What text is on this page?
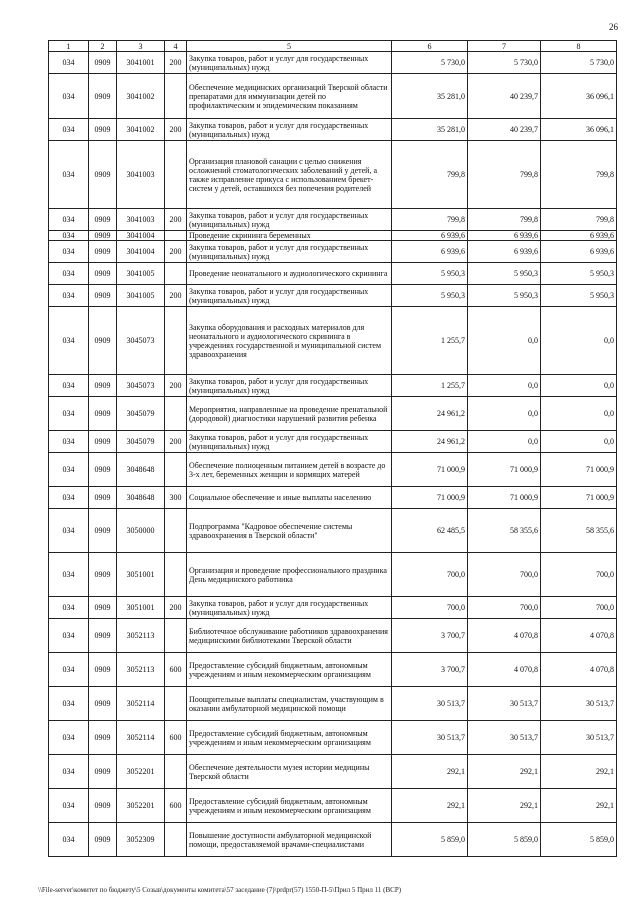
26
1	2	3	4	5	6	7	8
034	0909	3041001	200	Закупка товаров, работ и услуг для государственных (муниципальных) нужд	5 730,0	5 730,0	5 730,0
034	0909	3041002		Обеспечение медицинских организаций Тверской области препаратами для иммунизации детей по профилактическим и эпидемическим показаниям	35 281,0	40 239,7	36 096,1
034	0909	3041002	200	Закупка товаров, работ и услуг для государственных (муниципальных) нужд	35 281,0	40 239,7	36 096,1
034	0909	3041003		Организация плановой санации с целью снижения осложнений стоматологических заболеваний у детей, а также исправление прикуса с использованием брекет-систем у детей, оставшихся без попечения родителей	799,8	799,8	799,8
034	0909	3041003	200	Закупка товаров, работ и услуг для государственных (муниципальных) нужд	799,8	799,8	799,8
034	0909	3041004		Проведение скрининга беременных	6 939,6	6 939,6	6 939,6
034	0909	3041004	200	Закупка товаров, работ и услуг для государственных (муниципальных) нужд	6 939,6	6 939,6	6 939,6
034	0909	3041005		Проведение неонатального и аудиологического скрининга	5 950,3	5 950,3	5 950,3
034	0909	3041005	200	Закупка товаров, работ и услуг для государственных (муниципальных) нужд	5 950,3	5 950,3	5 950,3
034	0909	3045073		Закупка оборудования и расходных материалов для неонатального и аудиологического скрининга в учреждениях государственной и муниципальной систем здравоохранения	1 255,7	0,0	0,0
034	0909	3045073	200	Закупка товаров, работ и услуг для государственных (муниципальных) нужд	1 255,7	0,0	0,0
034	0909	3045079		Мероприятия, направленные на проведение пренатальной (дородовой) диагностики нарушений развития ребенка	24 961,2	0,0	0,0
034	0909	3045079	200	Закупка товаров, работ и услуг для государственных (муниципальных) нужд	24 961,2	0,0	0,0
034	0909	3048648		Обеспечение полноценным питанием детей в возрасте до 3-х лет, беременных женщин и кормящих матерей	71 000,9	71 000,9	71 000,9
034	0909	3048648	300	Социальное обеспечение и иные выплаты населению	71 000,9	71 000,9	71 000,9
034	0909	3050000		Подпрограмма "Кадровое обеспечение системы здравоохранения в Тверской области"	62 485,5	58 355,6	58 355,6
034	0909	3051001		Организация и проведение профессионального праздника День медицинского работника	700,0	700,0	700,0
034	0909	3051001	200	Закупка товаров, работ и услуг для государственных (муниципальных) нужд	700,0	700,0	700,0
034	0909	3052113		Библиотечное обслуживание работников здравоохранения медицинскими библиотеками Тверской области	3 700,7	4 070,8	4 070,8
034	0909	3052113	600	Предоставление субсидий бюджетным, автономным учреждениям и иным некоммерческим организациям	3 700,7	4 070,8	4 070,8
034	0909	3052114		Поощрительные выплаты специалистам, участвующим в оказании амбулаторной медицинской помощи	30 513,7	30 513,7	30 513,7
034	0909	3052114	600	Предоставление субсидий бюджетным, автономным учреждениям и иным некоммерческим организациям	30 513,7	30 513,7	30 513,7
034	0909	3052201		Обеспечение деятельности музея истории медицины Тверской области	292,1	292,1	292,1
034	0909	3052201	600	Предоставление субсидий бюджетным, автономным учреждениям и иным некоммерческим организациям	292,1	292,1	292,1
034	0909	3052309		Повышение доступности амбулаторной медицинской помощи, предоставляемой врачами-специалистами	5 859,0	5 859,0	5 859,0
\\File-server\комитет по бюджету\5 Созыв\документы комитета\57 заседание (7)\prdpr(57) 1550-П-5\Прил 5 Прил 11 (ВСР)
